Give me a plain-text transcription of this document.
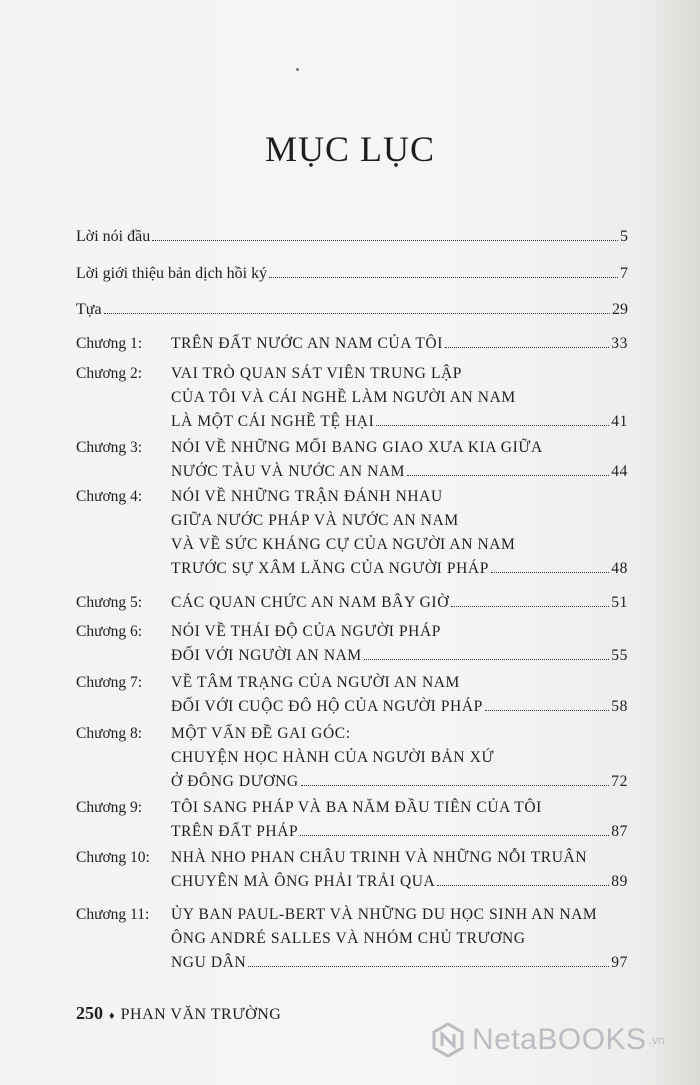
MỤC LỤC
Lời nói đầu	5
Lời giới thiệu bản dịch hồi ký	7
Tựa	29
Chương 1:	TRÊN ĐẤT NƯỚC AN NAM CỦA TÔI	33
Chương 2:	VAI TRÒ QUAN SÁT VIÊN TRUNG LẬP
CỦA TÔI VÀ CÁI NGHỀ LÀM NGƯỜI AN NAM
LÀ MỘT CÁI NGHỀ TỆ HẠI	41
Chương 3:	NÓI VỀ NHỮNG MỐI BANG GIAO XƯA KIA GIỮA
NƯỚC TÀU VÀ NƯỚC AN NAM	44
Chương 4:	NÓI VỀ NHỮNG TRẬN ĐÁNH NHAU
GIỮA NƯỚC PHÁP VÀ NƯỚC AN NAM
VÀ VỀ SỨC KHÁNG CỰ CỦA NGƯỜI AN NAM
TRƯỚC SỰ XÂM LĂNG CỦA NGƯỜI PHÁP	48
Chương 5:	CÁC QUAN CHỨC AN NAM BÂY GIỜ	51
Chương 6:	NÓI VỀ THÁI ĐỘ CỦA NGƯỜI PHÁP
ĐỐI VỚI NGƯỜI AN NAM	55
Chương 7:	VỀ TÂM TRẠNG CỦA NGƯỜI AN NAM
ĐỐI VỚI CUỘC ĐÔ HỘ CỦA NGƯỜI PHÁP	58
Chương 8:	MỘT VẤN ĐỀ GAI GÓC:
CHUYỆN HỌC HÀNH CỦA NGƯỜI BẢN XỨ
Ở ĐÔNG DƯƠNG	72
Chương 9:	TÔI SANG PHÁP VÀ BA NĂM ĐẦU TIÊN CỦA TÔI
TRÊN ĐẤT PHÁP	87
Chương 10:	NHÀ NHO PHAN CHÂU TRINH VÀ NHỮNG NỖI TRUÂN
CHUYÊN MÀ ÔNG PHẢI TRẢI QUA	89
Chương 11:	ỦY BAN PAUL-BERT VÀ NHỮNG DU HỌC SINH AN NAM
ÔNG ANDRÉ SALLES VÀ NHÓM CHỦ TRƯƠNG
NGU DÂN	97
250 ♦ PHAN VĂN TRƯỜNG
NetaBOOKS .vn
